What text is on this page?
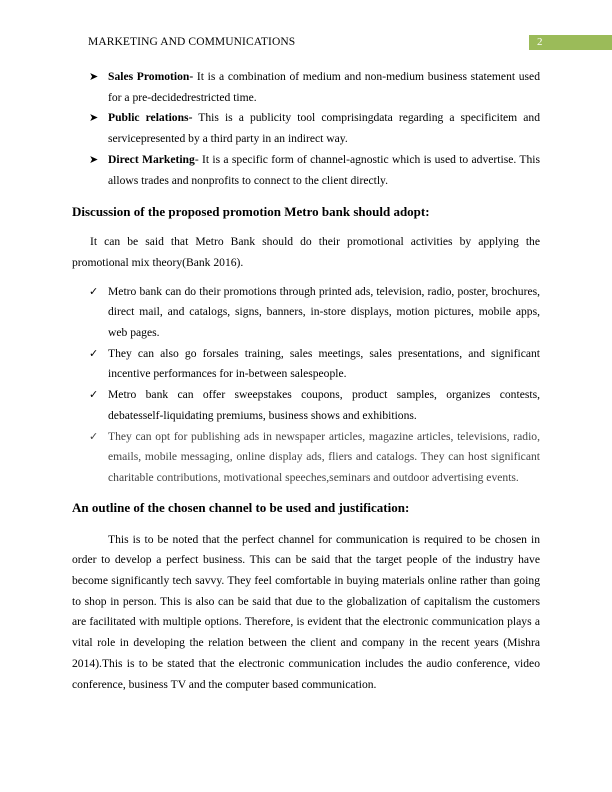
MARKETING AND COMMUNICATIONS	2
➤ Sales Promotion- It is a combination of medium and non-medium business statement used for a pre-decidedrestricted time.
➤ Public relations- This is a publicity tool comprisingdata regarding a specificitem and servicepresented by a third party in an indirect way.
➤ Direct Marketing- It is a specific form of channel-agnostic which is used to advertise. This allows trades and nonprofits to connect to the client directly.
Discussion of the proposed promotion Metro bank should adopt:

It can be said that Metro Bank should do their promotional activities by applying the promotional mix theory(Bank 2016).

✓ Metro bank can do their promotions through printed ads, television, radio, poster, brochures, direct mail, and catalogs, signs, banners, in-store displays, motion pictures, mobile apps, web pages.
✓ They can also go forsales training, sales meetings, sales presentations, and significant incentive performances for in-between salespeople.
✓ Metro bank can offer sweepstakes coupons, product samples, organizes contests, debatesself-liquidating premiums, business shows and exhibitions.
✓ They can opt for publishing ads in newspaper articles, magazine articles, televisions, radio, emails, mobile messaging, online display ads, fliers and catalogs. They can host significant charitable contributions, motivational speeches,seminars and outdoor advertising events.
An outline of the chosen channel to be used and justification:

This is to be noted that the perfect channel for communication is required to be chosen in order to develop a perfect business. This can be said that the target people of the industry have become significantly tech savvy. They feel comfortable in buying materials online rather than going to shop in person. This is also can be said that due to the globalization of capitalism the customers are facilitated with multiple options. Therefore, is evident that the electronic communication plays a vital role in developing the relation between the client and company in the recent years (Mishra 2014).This is to be stated that the electronic communication includes the audio conference, video conference, business TV and the computer based communication.
